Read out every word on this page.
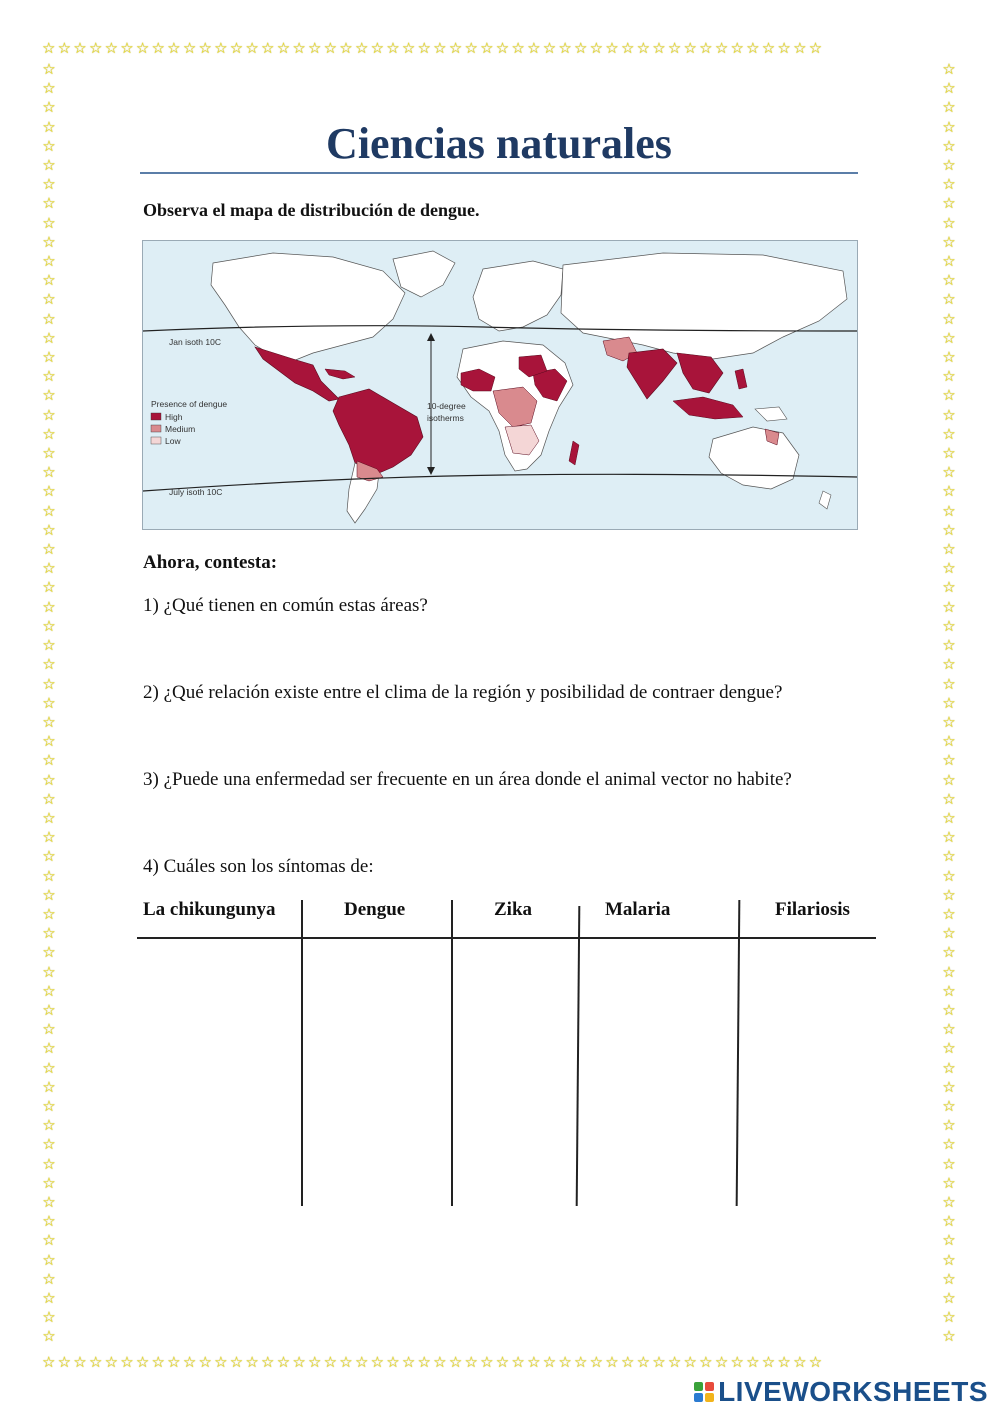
☆☆☆☆☆☆☆☆☆☆☆☆☆☆☆☆☆☆☆☆☆☆☆☆☆☆☆☆☆☆☆☆☆☆☆☆☆☆☆☆☆☆☆☆☆☆☆☆☆☆
☆☆☆☆☆☆☆☆☆☆☆☆☆☆☆☆☆☆☆☆☆☆☆☆☆☆☆☆☆☆☆☆☆☆☆☆☆☆☆☆☆☆☆☆☆☆☆☆☆☆
☆
☆
☆
☆
☆
☆
☆
☆
☆
☆
☆
☆
☆
☆
☆
☆
☆
☆
☆
☆
☆
☆
☆
☆
☆
☆
☆
☆
☆
☆
☆
☆
☆
☆
☆
☆
☆
☆
☆
☆
☆
☆
☆
☆
☆
☆
☆
☆
☆
☆
☆
☆
☆
☆
☆
☆
☆
☆
☆
☆
☆
☆
☆
☆
☆
☆
☆
☆
☆
☆
☆
☆
☆
☆
☆
☆
☆
☆
☆
☆
☆
☆
☆
☆
☆
☆
☆
☆
☆
☆
☆
☆
☆
☆
☆
☆
☆
☆
☆
☆
☆
☆
☆
☆
☆
☆
☆
☆
☆
☆
☆
☆
☆
☆
☆
☆
☆
☆
☆
☆
☆
☆
☆
☆
☆
☆
☆
☆
☆
☆
☆
☆
☆
☆
Ciencias naturales
Observa el mapa de distribución de dengue.
Jan isoth 10C
July isoth 10C
10-degree
isotherms
Presence of dengue
High
Medium
Low
Ahora, contesta:
1) ¿Qué tienen en común estas áreas?
2) ¿Qué relación existe entre el clima de la región y posibilidad de contraer dengue?
3) ¿Puede una enfermedad ser frecuente en un área donde el animal vector no habite?
4) Cuáles son los síntomas de:
La chikungunya	Dengue	Zika	Malaria	Filariosis
LIVEWORKSHEETS
